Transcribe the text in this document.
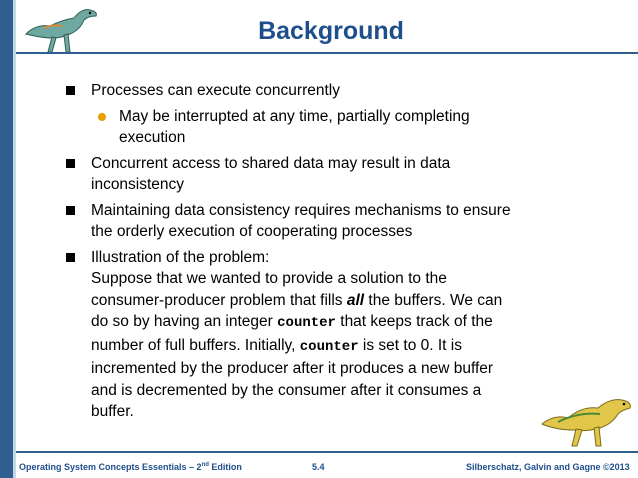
Background
Processes can execute concurrently
May be interrupted at any time, partially completing
execution
Concurrent access to shared data may result in data
inconsistency
Maintaining data consistency requires mechanisms to ensure
the orderly execution of cooperating processes
Illustration of the problem:
Suppose that we wanted to provide a solution to the
consumer-producer problem that fills all the buffers. We can
do so by having an integer counter that keeps track of the
number of full buffers. Initially, counter is set to 0. It is
incremented by the producer after it produces a new buffer
and is decremented by the consumer after it consumes a
buffer.
Operating System Concepts Essentials – 2nd Edition	5.4	Silberschatz, Galvin and Gagne ©2013
